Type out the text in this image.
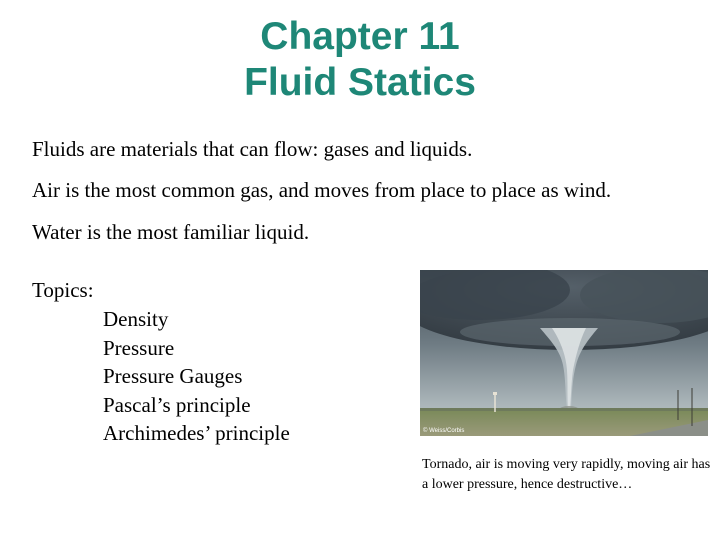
Chapter 11
Fluid Statics
Fluids are materials that can flow: gases and liquids.
Air is the most common gas, and moves from place to place as wind.
Water is the most familiar liquid.
Topics:
Density
Pressure
Pressure Gauges
Pascal’s principle
Archimedes’ principle	© Weiss/Corbis
Tornado, air is moving very rapidly, moving air has a lower pressure, hence destructive…
